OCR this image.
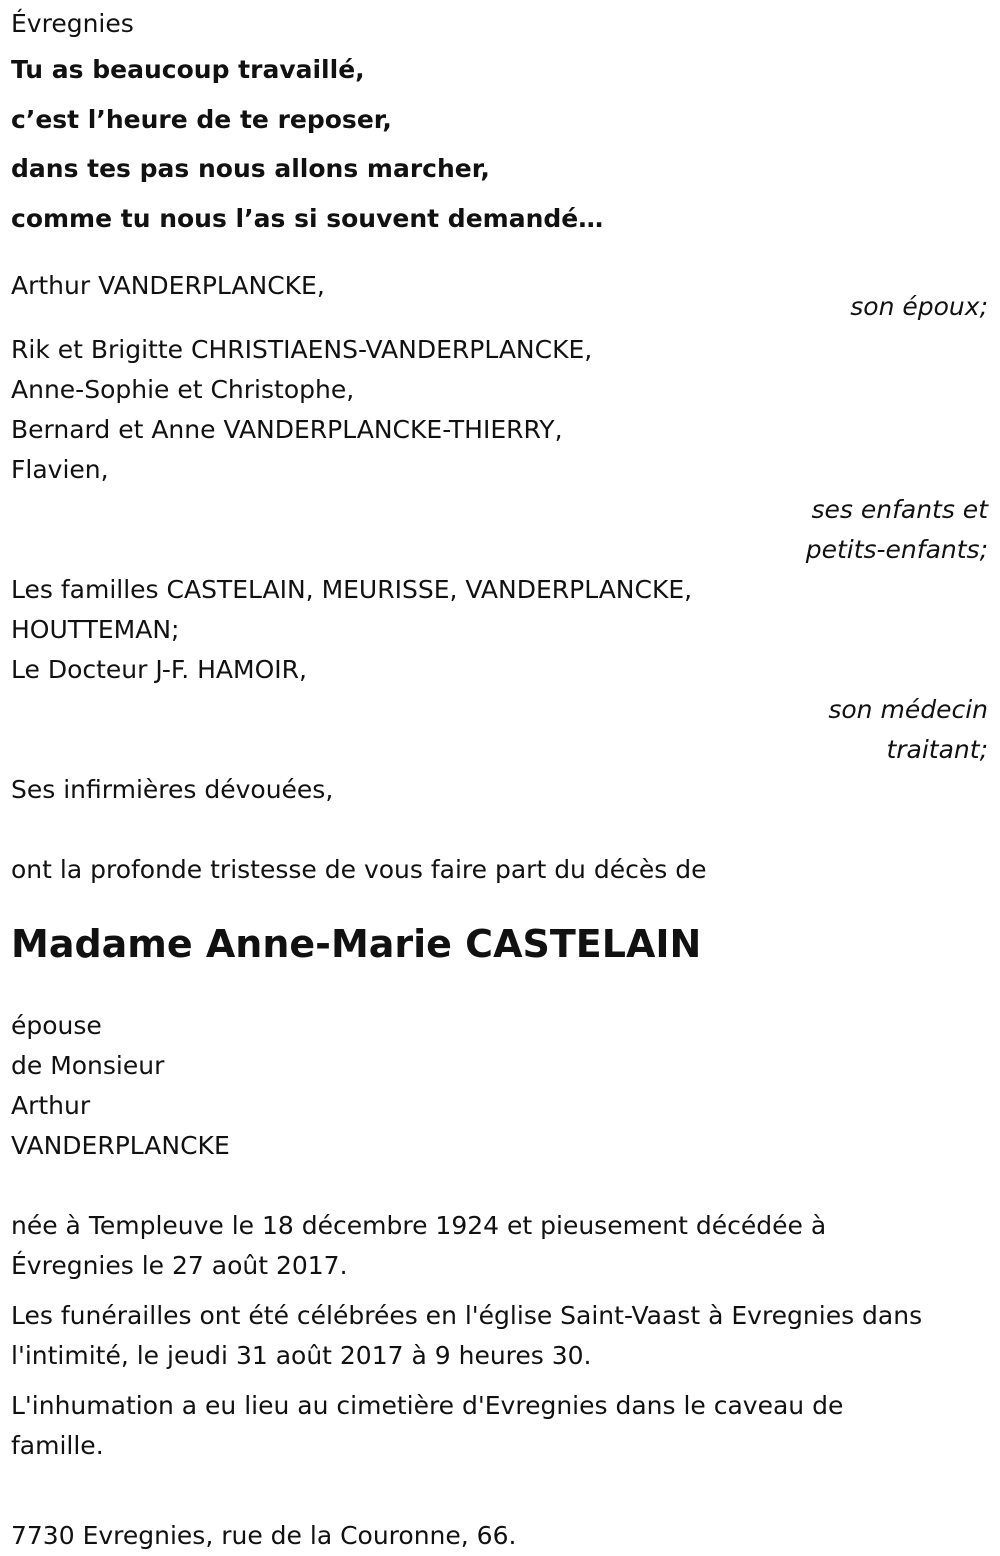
Évregnies
Tu as beaucoup travaillé,
c’est l’heure de te reposer,
dans tes pas nous allons marcher,
comme tu nous l’as si souvent demandé…
Arthur VANDERPLANCKE,
son époux;
Rik et Brigitte CHRISTIAENS-VANDERPLANCKE,
Anne-Sophie et Christophe,
Bernard et Anne VANDERPLANCKE-THIERRY,
Flavien,
ses enfants et
petits-enfants;
Les familles CASTELAIN, MEURISSE, VANDERPLANCKE,
HOUTTEMAN;
Le Docteur J-F. HAMOIR,
son médecin
traitant;
Ses infirmières dévouées,
ont la profonde tristesse de vous faire part du décès de
Madame Anne-Marie CASTELAIN
épouse
de Monsieur
Arthur
VANDERPLANCKE

née à Templeuve le 18 décembre 1924 et pieusement décédée à
Évregnies le 27 août 2017.

Les funérailles ont été célébrées en l'église Saint-Vaast à Evregnies dans
l'intimité, le jeudi 31 août 2017 à 9 heures 30.

L'inhumation a eu lieu au cimetière d'Evregnies dans le caveau de
famille.

7730 Evregnies, rue de la Couronne, 66.
